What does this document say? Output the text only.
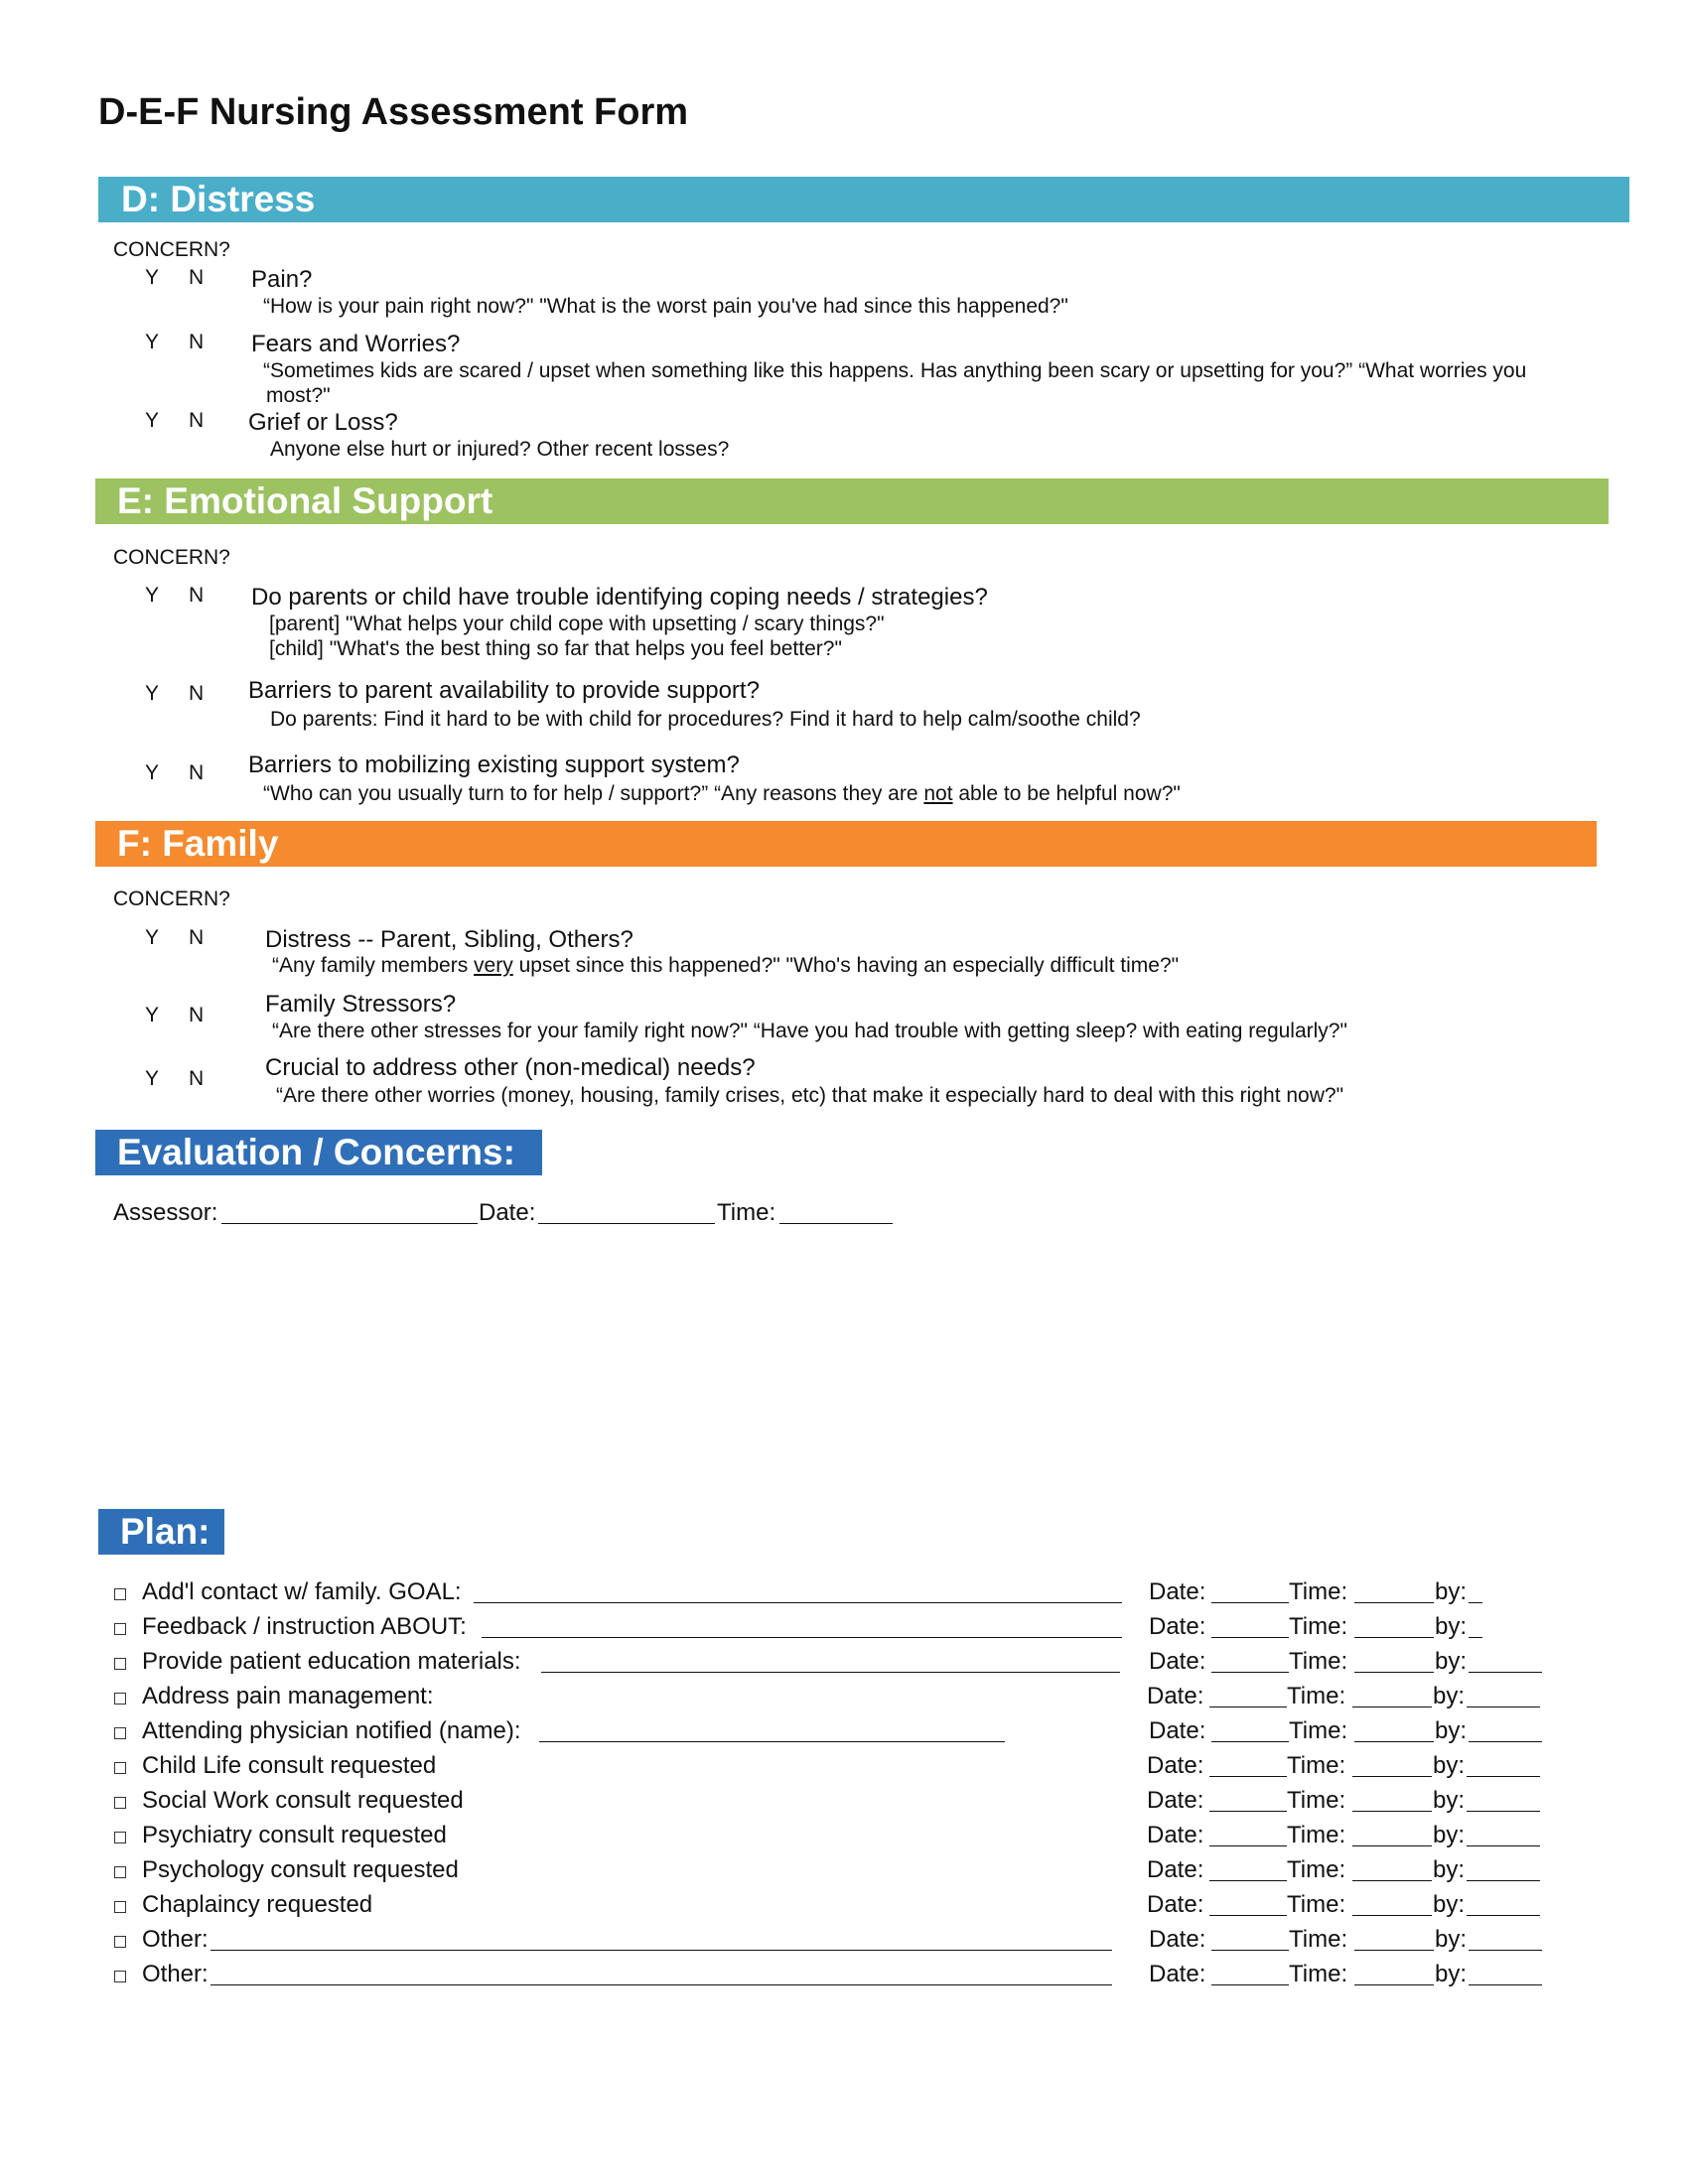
D-E-F Nursing Assessment Form
D: Distress
CONCERN?
Y N Pain?
“How is your pain right now?" "What is the worst pain you've had since this happened?"
Y N Fears and Worries?
“Sometimes kids are scared / upset when something like this happens. Has anything been scary or upsetting for you?” “What worries you
most?"
Y N Grief or Loss?
Anyone else hurt or injured? Other recent losses?
E: Emotional Support
CONCERN?
Y N Do parents or child have trouble identifying coping needs / strategies?
[parent] "What helps your child cope with upsetting / scary things?"
[child] "What's the best thing so far that helps you feel better?"
Y N Barriers to parent availability to provide support?
Do parents: Find it hard to be with child for procedures? Find it hard to help calm/soothe child?
Y N Barriers to mobilizing existing support system?
“Who can you usually turn to for help / support?” “Any reasons they are not able to be helpful now?"
F: Family
CONCERN?
Y N	Distress -- Parent, Sibling, Others?
“Any family members very upset since this happened?" "Who's having an especially difficult time?"
Y N	Family Stressors?
“Are there other stresses for your family right now?" “Have you had trouble with getting sleep? with eating regularly?"
Y N	Crucial to address other (non-medical) needs?
“Are there other worries (money, housing, family crises, etc) that make it especially hard to deal with this right now?"
Evaluation / Concerns:
Assessor:	Date:	Time:
Plan:
Add'l contact w/ family. GOAL:	Date:	Time:	by:
Feedback / instruction ABOUT:	Date:	Time:	by:
Provide patient education materials:	Date:	Time:	by:
Address pain management:	Date:	Time:	by:
Attending physician notified (name):	Date:	Time:	by:
Child Life consult requested	Date:	Time:	by:
Social Work consult requested	Date:	Time:	by:
Psychiatry consult requested	Date:	Time:	by:
Psychology consult requested	Date:	Time:	by:
Chaplaincy requested	Date:	Time:	by:
Other:	Date:	Time:	by:
Other:	Date:	Time:	by:
